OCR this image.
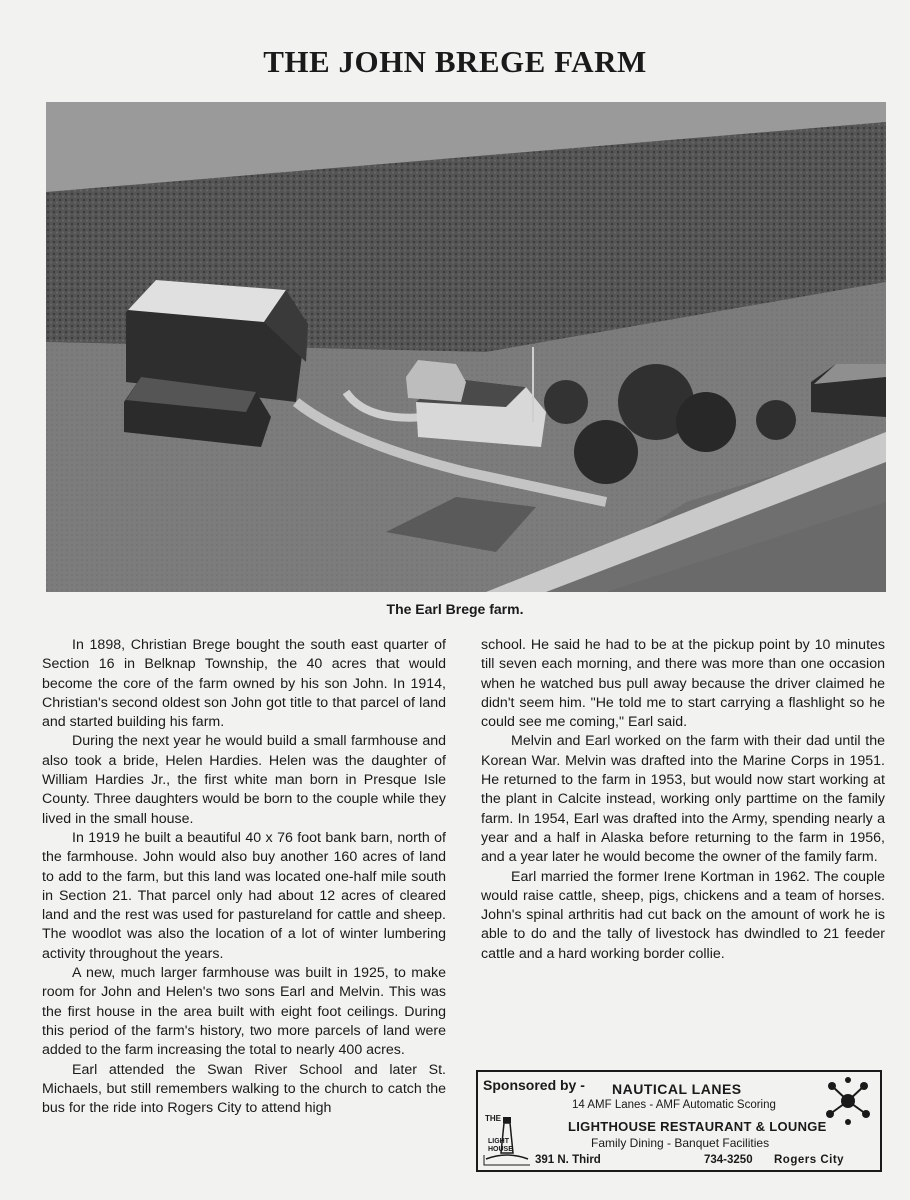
THE JOHN BREGE FARM
The Earl Brege farm.

In 1898, Christian Brege bought the south east quarter of Section 16 in Belknap Township, the 40 acres that would become the core of the farm owned by his son John. In 1914, Christian's second oldest son John got title to that parcel of land and started building his farm.

During the next year he would build a small farmhouse and also took a bride, Helen Hardies. Helen was the daughter of William Hardies Jr., the first white man born in Presque Isle County. Three daughters would be born to the couple while they lived in the small house.

In 1919 he built a beautiful 40 x 76 foot bank barn, north of the farmhouse. John would also buy another 160 acres of land to add to the farm, but this land was located one-half mile south in Section 21. That parcel only had about 12 acres of cleared land and the rest was used for pastureland for cattle and sheep. The woodlot was also the location of a lot of winter lumbering activity throughout the years.

A new, much larger farmhouse was built in 1925, to make room for John and Helen's two sons Earl and Melvin. This was the first house in the area built with eight foot ceilings. During this period of the farm's history, two more parcels of land were added to the farm increasing the total to nearly 400 acres.

Earl attended the Swan River School and later St. Michaels, but still remembers walking to the church to catch the bus for the ride into Rogers City to attend high

school. He said he had to be at the pickup point by 10 minutes till seven each morning, and there was more than one occasion when he watched bus pull away because the driver claimed he didn't seem him. "He told me to start carrying a flashlight so he could see me coming," Earl said.

Melvin and Earl worked on the farm with their dad until the Korean War. Melvin was drafted into the Marine Corps in 1951. He returned to the farm in 1953, but would now start working at the plant in Calcite instead, working only parttime on the family farm. In 1954, Earl was drafted into the Army, spending nearly a year and a half in Alaska before returning to the farm in 1956, and a year later he would become the owner of the family farm.

Earl married the former Irene Kortman in 1962. The couple would raise cattle, sheep, pigs, chickens and a team of horses. John's spinal arthritis had cut back on the amount of work he is able to do and the tally of livestock has dwindled to 21 feeder cattle and a hard working border collie.

Sponsored by - NAUTICAL LANES
14 AMF Lanes - AMF Automatic Scoring
LIGHTHOUSE RESTAURANT & LOUNGE
Family Dining - Banquet Facilities
391 N. Third	734-3250 Rogers City
THE
LIGHT
HOUSE
